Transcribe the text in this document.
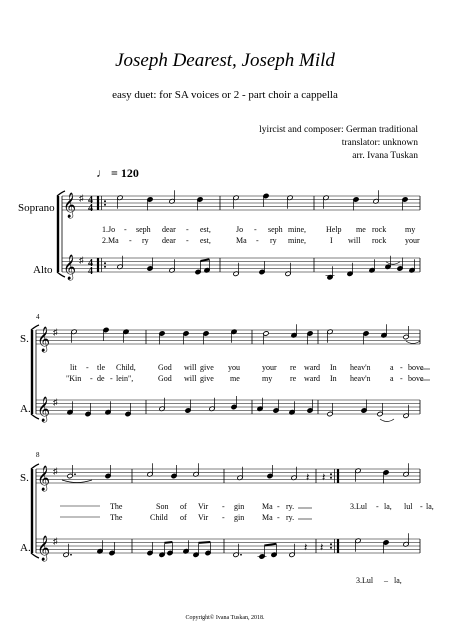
Joseph Dearest, Joseph Mild
easy duet: for SA voices or 2 - part choir a cappella
lyircist and composer: German traditional
translator: unknown
arr. Ivana Tuskan
♩ = 120
Soprano
Alto
S.
A.
S.
A.
4
8
4
4
4
4
Copyright© Ivana Tuskan, 2018.
𝄞
𝄞
♯
♯
1.Jo - seph dear - est,	Jo - seph mine,	Help me rock my
2.Ma - ry dear - est,	Ma - ry mine,	I will rock your
𝄞
𝄞
♯
♯
lit - tle Child,	God will give you	your re ward In heav'n a - bove
"Kin - de - lein",	God will give me	my re ward In heav'n a - bove
𝄞
𝄞
♯
♯
𝄽 𝄽
𝄽 𝄽
The	Son of Vir - gin Ma - ry.	3.Lul - la, lul - la,
The	Child of Vir - gin Ma - ry.
3.Lul – la,
